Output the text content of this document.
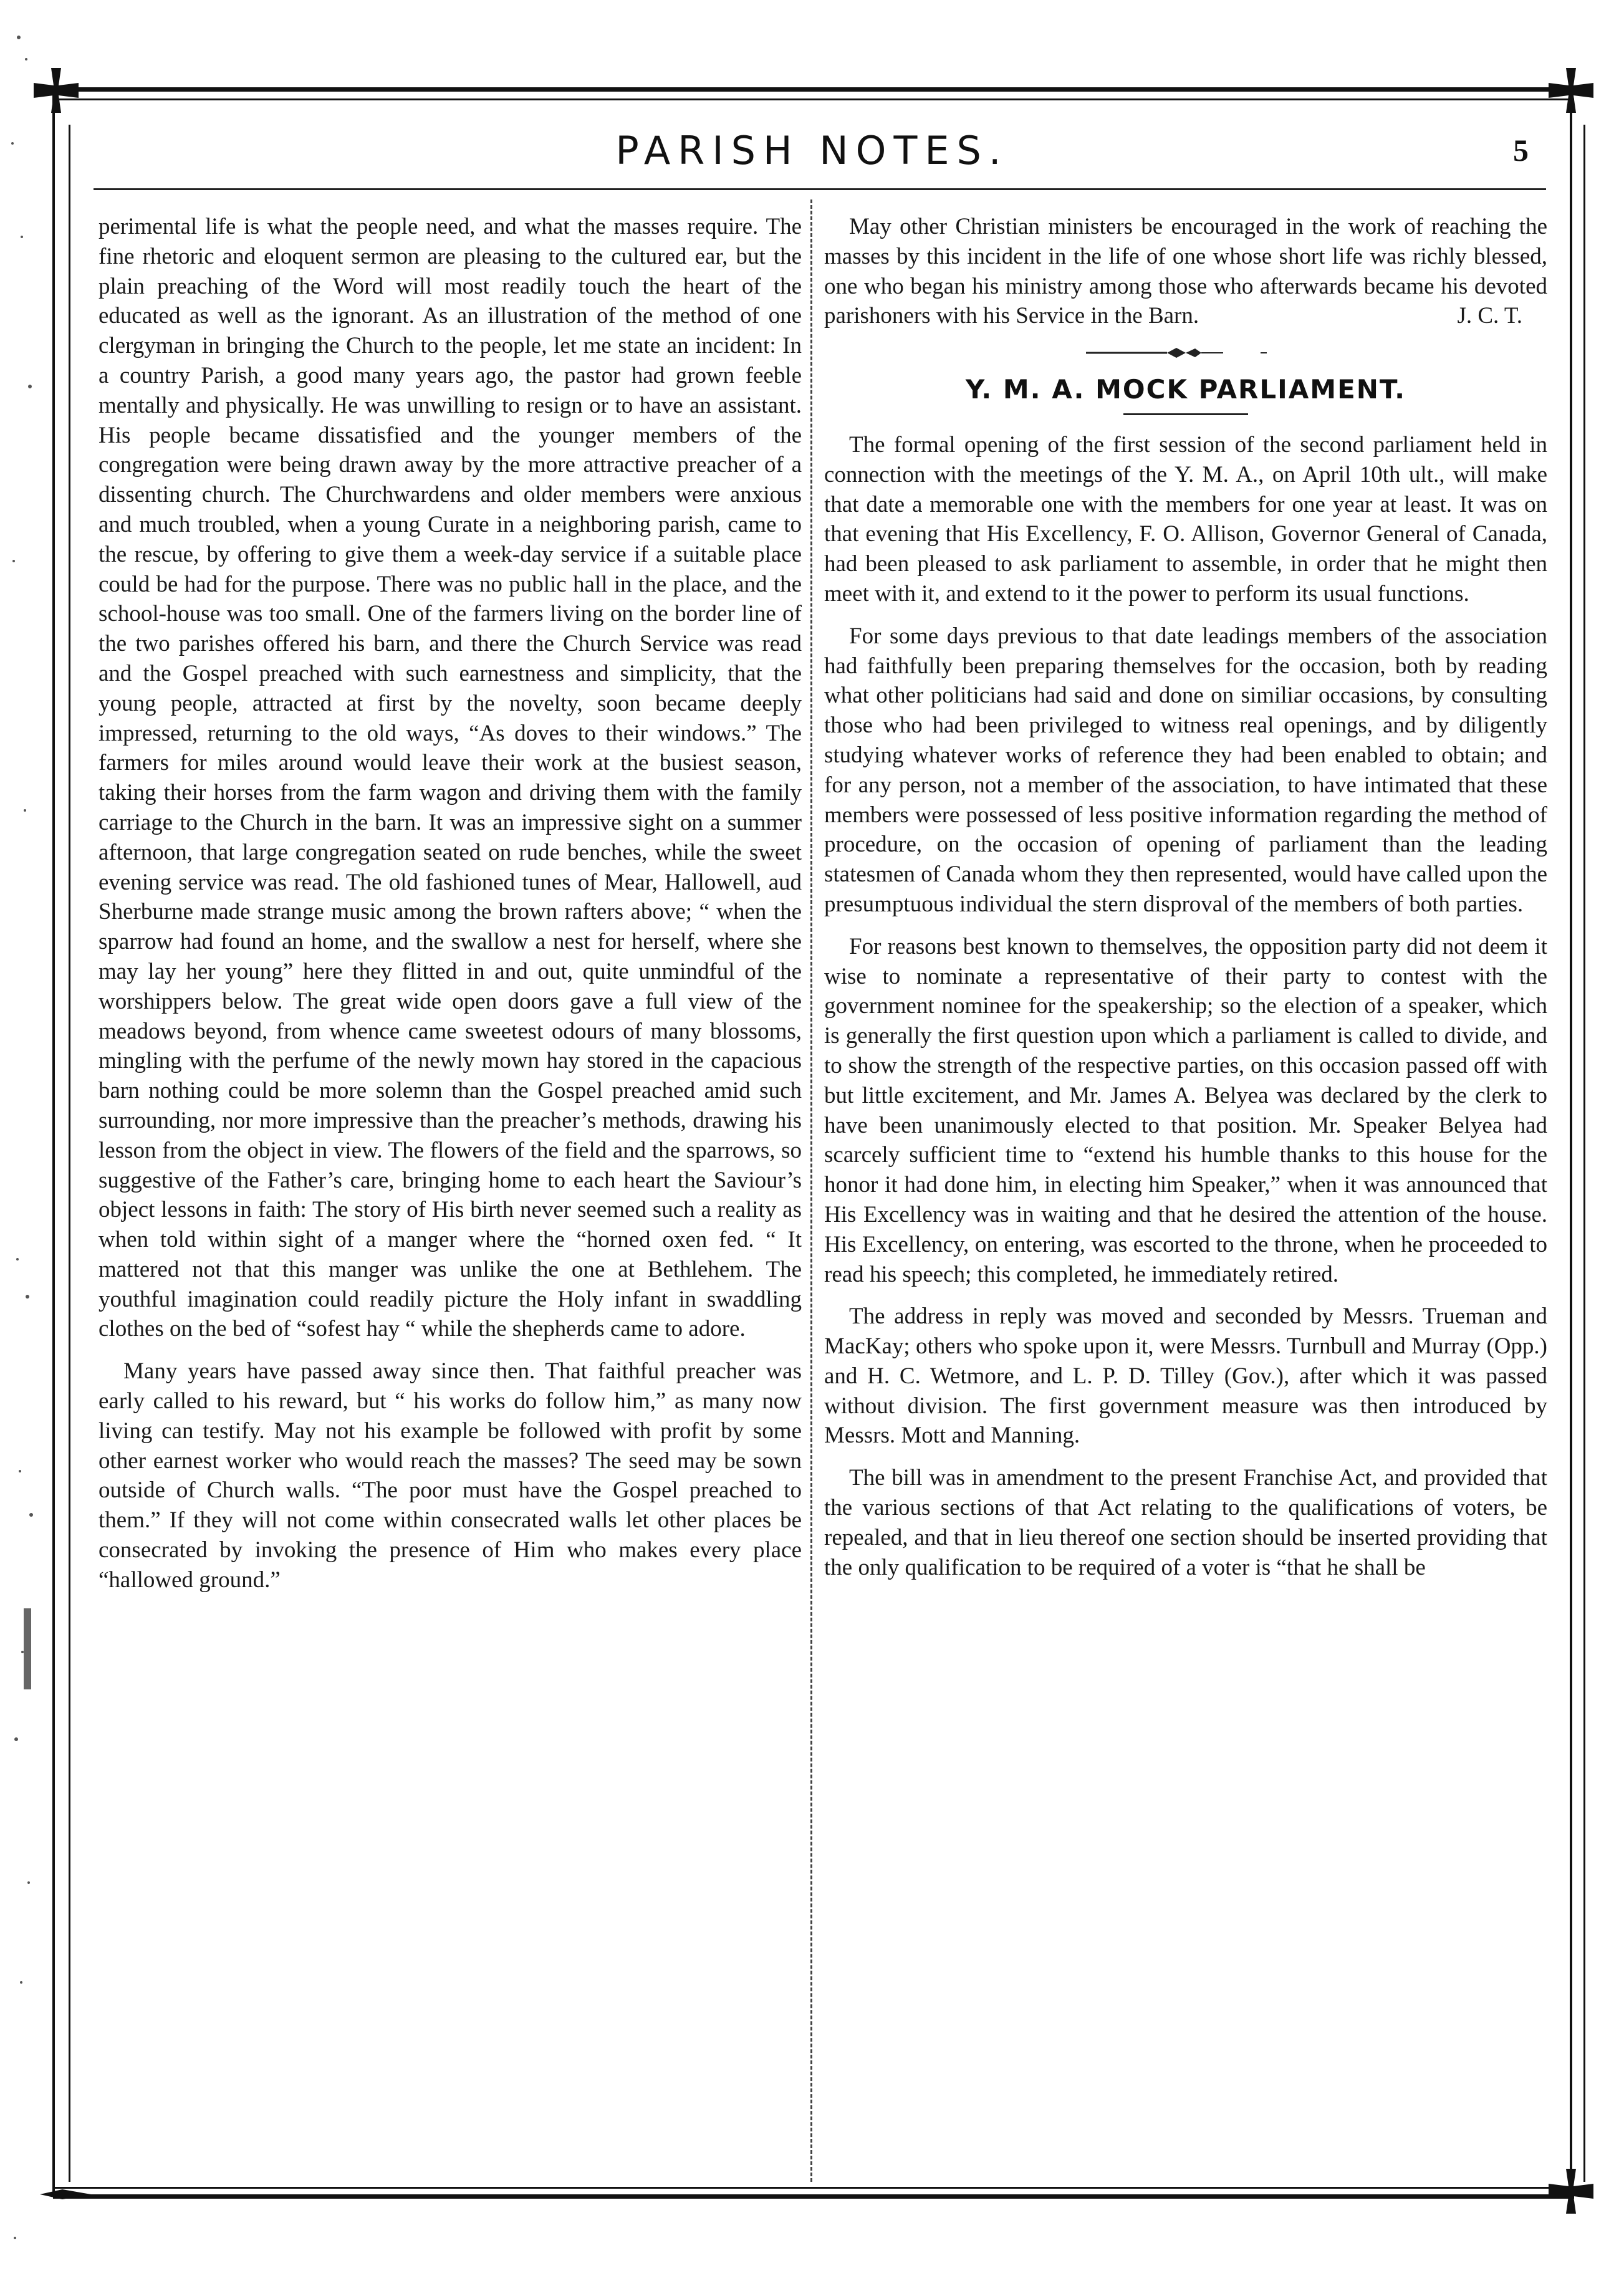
PARISH NOTES.	5

perimental life is what the people need, and what the masses require. The fine rhetoric and eloquent sermon are pleasing to the cultured ear, but the plain preaching of the Word will most readily touch the heart of the educated as well as the ignorant. As an illustration of the method of one clergyman in bringing the Church to the people, let me state an incident: In a country Parish, a good many years ago, the pastor had grown feeble mentally and physically. He was unwilling to resign or to have an assistant. His people became dissatisfied and the younger members of the congregation were being drawn away by the more attractive preacher of a dissenting church. The Churchwardens and older members were anxious and much troubled, when a young Curate in a neighboring parish, came to the rescue, by offering to give them a week-day service if a suitable place could be had for the purpose. There was no public hall in the place, and the school-house was too small. One of the farmers living on the border line of the two parishes offered his barn, and there the Church Service was read and the Gospel preached with such earnestness and simplicity, that the young people, attracted at first by the novelty, soon became deeply impressed, returning to the old ways, “As doves to their windows.” The farmers for miles around would leave their work at the busiest season, taking their horses from the farm wagon and driving them with the family carriage to the Church in the barn. It was an impressive sight on a summer afternoon, that large congregation seated on rude benches, while the sweet evening service was read. The old fashioned tunes of Mear, Hallowell, aud Sherburne made strange music among the brown rafters above; “ when the sparrow had found an home, and the swallow a nest for herself, where she may lay her young” here they flitted in and out, quite unmindful of the worshippers below. The great wide open doors gave a full view of the meadows beyond, from whence came sweetest odours of many blossoms, mingling with the perfume of the newly mown hay stored in the capacious barn nothing could be more solemn than the Gospel preached amid such surrounding, nor more impressive than the preacher’s methods, drawing his lesson from the object in view. The flowers of the field and the sparrows, so suggestive of the Father’s care, bringing home to each heart the Saviour’s object lessons in faith: The story of His birth never seemed such a reality as when told within sight of a manger where the “horned oxen fed. “ It mattered not that this manger was unlike the one at Bethlehem. The youthful imagination could readily picture the Holy infant in swaddling clothes on the bed of “sofest hay “ while the shepherds came to adore.

Many years have passed away since then. That faithful preacher was early called to his reward, but “ his works do follow him,” as many now living can testify. May not his example be followed with profit by some other earnest worker who would reach the masses? The seed may be sown outside of Church walls. “The poor must have the Gospel preached to them.” If they will not come within consecrated walls let other places be consecrated by invoking the presence of Him who makes every place “hallowed ground.”

May other Christian ministers be encouraged in the work of reaching the masses by this incident in the life of one whose short life was richly blessed, one who began his ministry among those who afterwards became his devoted parishoners with his Service in the Barn.	J. C. T.

Y. M. A. MOCK PARLIAMENT.

The formal opening of the first session of the second parliament held in connection with the meetings of the Y. M. A., on April 10th ult., will make that date a memorable one with the members for one year at least. It was on that evening that His Excellency, F. O. Allison, Governor General of Canada, had been pleased to ask parliament to assemble, in order that he might then meet with it, and extend to it the power to perform its usual functions.

For some days previous to that date leadings members of the association had faithfully been preparing themselves for the occasion, both by reading what other politicians had said and done on similiar occasions, by consulting those who had been privileged to witness real openings, and by diligently studying whatever works of reference they had been enabled to obtain; and for any person, not a member of the association, to have intimated that these members were possessed of less positive information regarding the method of procedure, on the occasion of opening of parliament than the leading statesmen of Canada whom they then represented, would have called upon the presumptuous individual the stern disproval of the members of both parties.

For reasons best known to themselves, the opposition party did not deem it wise to nominate a representative of their party to contest with the government nominee for the speakership; so the election of a speaker, which is generally the first question upon which a parliament is called to divide, and to show the strength of the respective parties, on this occasion passed off with but little excitement, and Mr. James A. Belyea was declared by the clerk to have been unanimously elected to that position. Mr. Speaker Belyea had scarcely sufficient time to “extend his humble thanks to this house for the honor it had done him, in electing him Speaker,” when it was announced that His Excellency was in waiting and that he desired the attention of the house. His Excellency, on entering, was escorted to the throne, when he proceeded to read his speech; this completed, he immediately retired.

The address in reply was moved and seconded by Messrs. Trueman and MacKay; others who spoke upon it, were Messrs. Turnbull and Murray (Opp.) and H. C. Wetmore, and L. P. D. Tilley (Gov.), after which it was passed without division. The first government measure was then introduced by Messrs. Mott and Manning.

The bill was in amendment to the present Franchise Act, and provided that the various sections of that Act relating to the qualifications of voters, be repealed, and that in lieu thereof one section should be inserted providing that the only qualification to be required of a voter is “that he shall be
